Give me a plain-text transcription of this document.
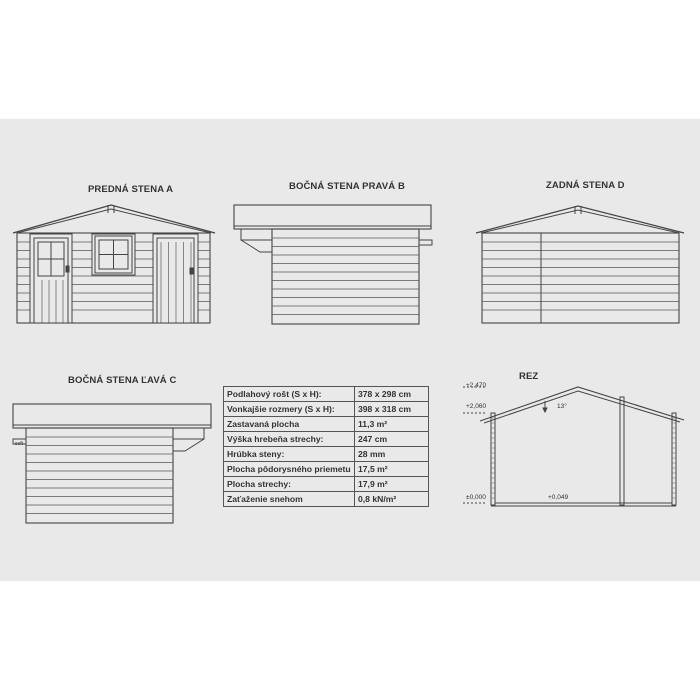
PREDNÁ STENA A	BOČNÁ STENA PRAVÁ B	ZADNÁ STENA D
BOČNÁ STENA ĽAVÁ C	REZ
+2,470
+2,060
±0,000	+0,049
13°
soft
Podlahový rošt (S x H):	378 x 298 cm
Vonkajšie rozmery (S x H):	398 x 318 cm
Zastavaná plocha	11,3 m²
Výška hrebeňa strechy:	247 cm
Hrúbka steny:	28 mm
Plocha pôdorysného priemetu	17,5 m²
Plocha strechy:	17,9 m²
Zaťaženie snehom	0,8 kN/m²
